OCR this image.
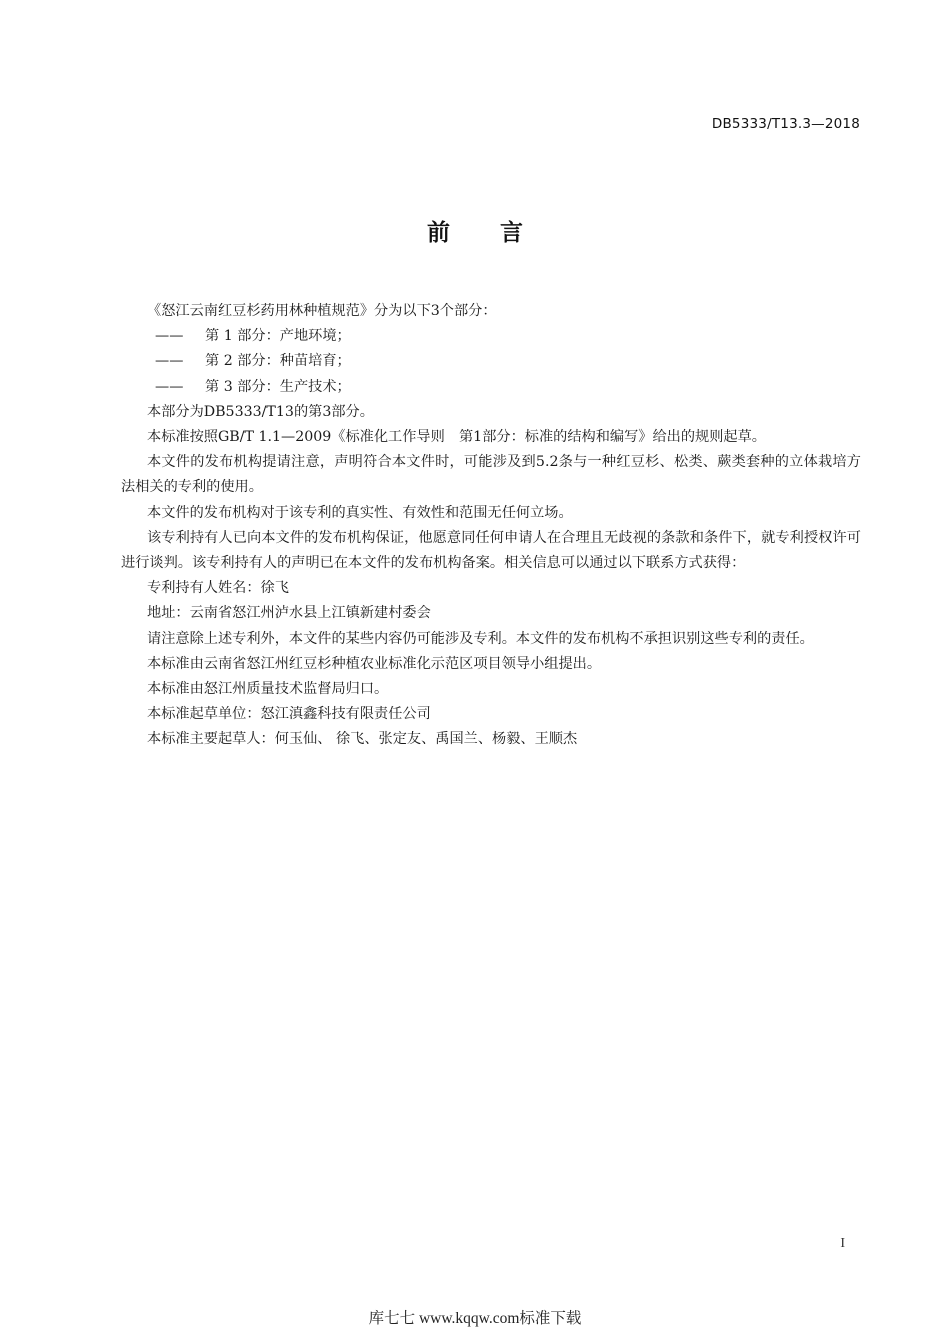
DB5333/T13.3—2018
前 言

《怒江云南红豆杉药用林种植规范》分为以下3个部分：

—— 第 1 部分：产地环境；

—— 第 2 部分：种苗培育；

—— 第 3 部分：生产技术；

本部分为DB5333/T13的第3部分。

本标准按照GB/T 1.1—2009《标准化工作导则　第1部分：标准的结构和编写》给出的规则起草。

本文件的发布机构提请注意，声明符合本文件时，可能涉及到5.2条与一种红豆杉、松类、蕨类套种的立体栽培方法相关的专利的使用。

本文件的发布机构对于该专利的真实性、有效性和范围无任何立场。

该专利持有人已向本文件的发布机构保证，他愿意同任何申请人在合理且无歧视的条款和条件下，就专利授权许可进行谈判。该专利持有人的声明已在本文件的发布机构备案。相关信息可以通过以下联系方式获得：

专利持有人姓名：徐飞

地址：云南省怒江州泸水县上江镇新建村委会

请注意除上述专利外，本文件的某些内容仍可能涉及专利。本文件的发布机构不承担识别这些专利的责任。

本标准由云南省怒江州红豆杉种植农业标准化示范区项目领导小组提出。

本标准由怒江州质量技术监督局归口。

本标准起草单位：怒江滇鑫科技有限责任公司

本标准主要起草人：何玉仙、 徐飞、张定友、禹国兰、杨毅、王顺杰

I
库七七 www.kqqw.com标准下载
